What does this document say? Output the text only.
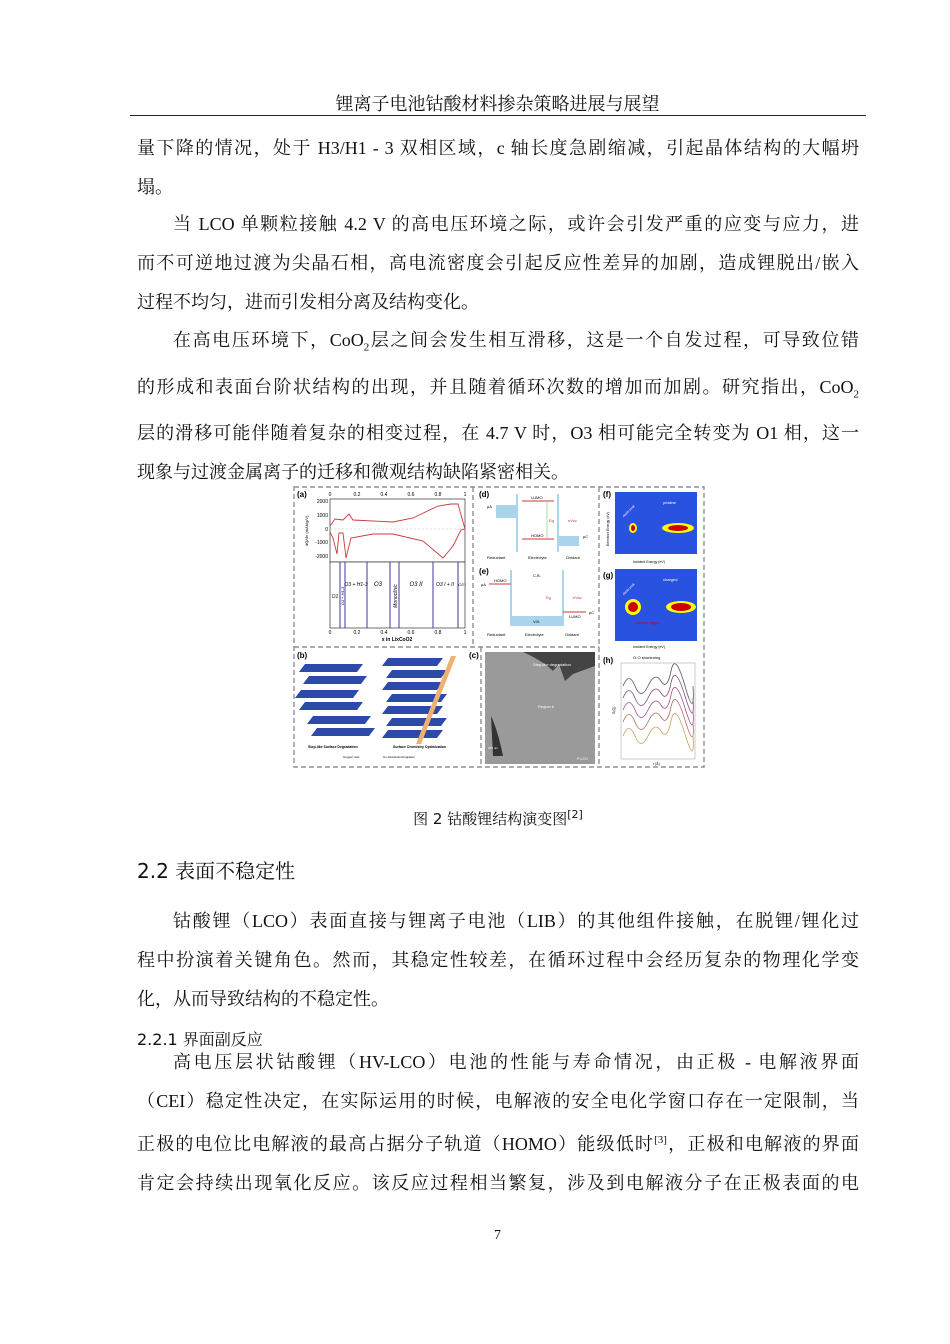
锂离子电池钴酸材料掺杂策略进展与展望
量下降的情况，处于 H3/H1 - 3 双相区域，c 轴长度急剧缩减，引起晶体结构的大幅坍
塌。
当 LCO 单颗粒接触 4.2 V 的高电压环境之际，或许会引发严重的应变与应力，进
而不可逆地过渡为尖晶石相，高电流密度会引起反应性差异的加剧，造成锂脱出/嵌入
过程不均匀，进而引发相分离及结构变化。
在高电压环境下，CoO$_2$层之间会发生相互滑移，这是一个自发过程，可导致位错
的形成和表面台阶状结构的出现，并且随着循环次数的增加而加剧。研究指出，CoO$_2$
层的滑移可能伴随着复杂的相变过程，在 4.7 V 时，O3 相可能完全转变为 O1 相，这一
现象与过渡金属离子的迁移和微观结构缺陷紧密相关。
(a)	0	0.2	0.4	0.6	0.8	1
0	0.2	0.4	0.6	0.8	1
x in LixCoO2
2000
1000
0
-1000
-2000
dQ/dV (mAh/g/V)
O1 O1 + H1-3
O3 + H1-3 O3 Monoclinic O3 II	O3 I + II O3 I
(d)	LUMO
HOMO
Eg	eVoc
μA
μC
Reductant	Electrolyte	Oxidant
(e)
HOMO
C.B.
V.B.
LUMO
Eg	eVoc
μA
μC
Reductant	Electrolyte	Oxidant
(f)
pristine
elastic peak
Incident Energy (eV)
Emission Energy (eV)
(g)	charged
oxidized oxygen
elastic peak
Incident Energy (eV)
(h)	O-O shortening
S(Q)
r (Å)
(b)
Step-like Surface Degradation	Surface Chemistry Optimization
Oxygen loss	Co dissolution/migration
(c)
Step-like degradation
Region b
200 nm
P-LCO
图 2 钴酸锂结构演变图[2]
2.2 表面不稳定性
钴酸锂（LCO）表面直接与锂离子电池（LIB）的其他组件接触，在脱锂/锂化过
程中扮演着关键角色。然而，其稳定性较差，在循环过程中会经历复杂的物理化学变
化，从而导致结构的不稳定性。
2.2.1 界面副反应
高电压层状钴酸锂（HV-LCO）电池的性能与寿命情况，由正极 - 电解液界面
（CEI）稳定性决定，在实际运用的时候，电解液的安全电化学窗口存在一定限制，当
正极的电位比电解液的最高占据分子轨道（HOMO）能级低时[3]，正极和电解液的界面
肯定会持续出现氧化反应。该反应过程相当繁复，涉及到电解液分子在正极表面的电
7
